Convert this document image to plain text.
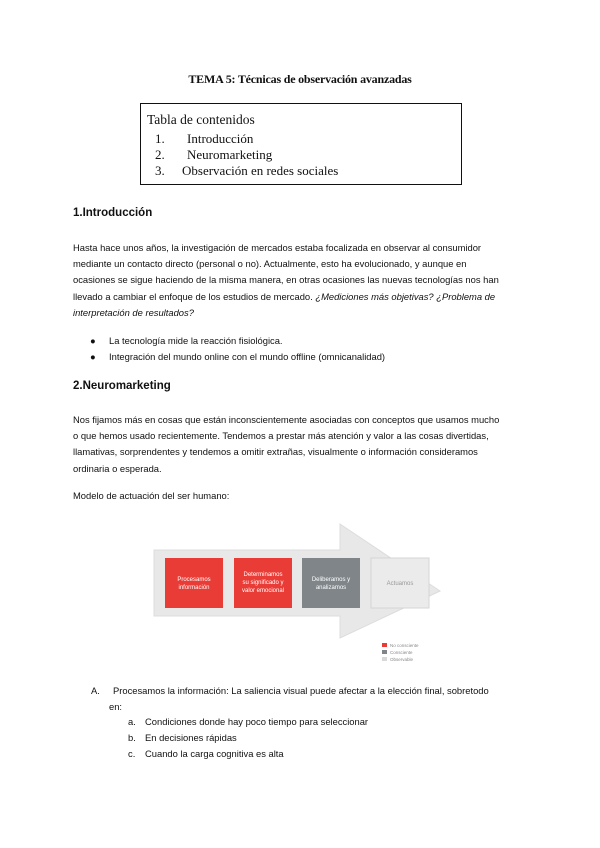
TEMA 5: Técnicas de observación avanzadas
Tabla de contenidos
1. Introducción
2. Neuromarketing
3. Observación en redes sociales
1.Introducción
Hasta hace unos años, la investigación de mercados estaba focalizada en observar al consumidor
mediante un contacto directo (personal o no). Actualmente, esto ha evolucionado, y aunque en
ocasiones se sigue haciendo de la misma manera, en otras ocasiones las nuevas tecnologías nos han
llevado a cambiar el enfoque de los estudios de mercado. ¿Mediciones más objetivas? ¿Problema de
interpretación de resultados?
● La tecnología mide la reacción fisiológica.
● Integración del mundo online con el mundo offline (omnicanalidad)
2.Neuromarketing
Nos fijamos más en cosas que están inconscientemente asociadas con conceptos que usamos mucho
o que hemos usado recientemente. Tendemos a prestar más atención y valor a las cosas divertidas,
llamativas, sorprendentes y tendemos a omitir extrañas, visualmente o información consideramos
ordinaria o esperada.
Modelo de actuación del ser humano:
Procesamos
información
Determinamos
su significado y
valor emocional
Deliberamos y
analizamos
Actuamos
No consciente
Consciente
Observable
A. Procesamos la información: La saliencia visual puede afectar a la elección final, sobretodo
en:
a. Condiciones donde hay poco tiempo para seleccionar
b. En decisiones rápidas
c. Cuando la carga cognitiva es alta
